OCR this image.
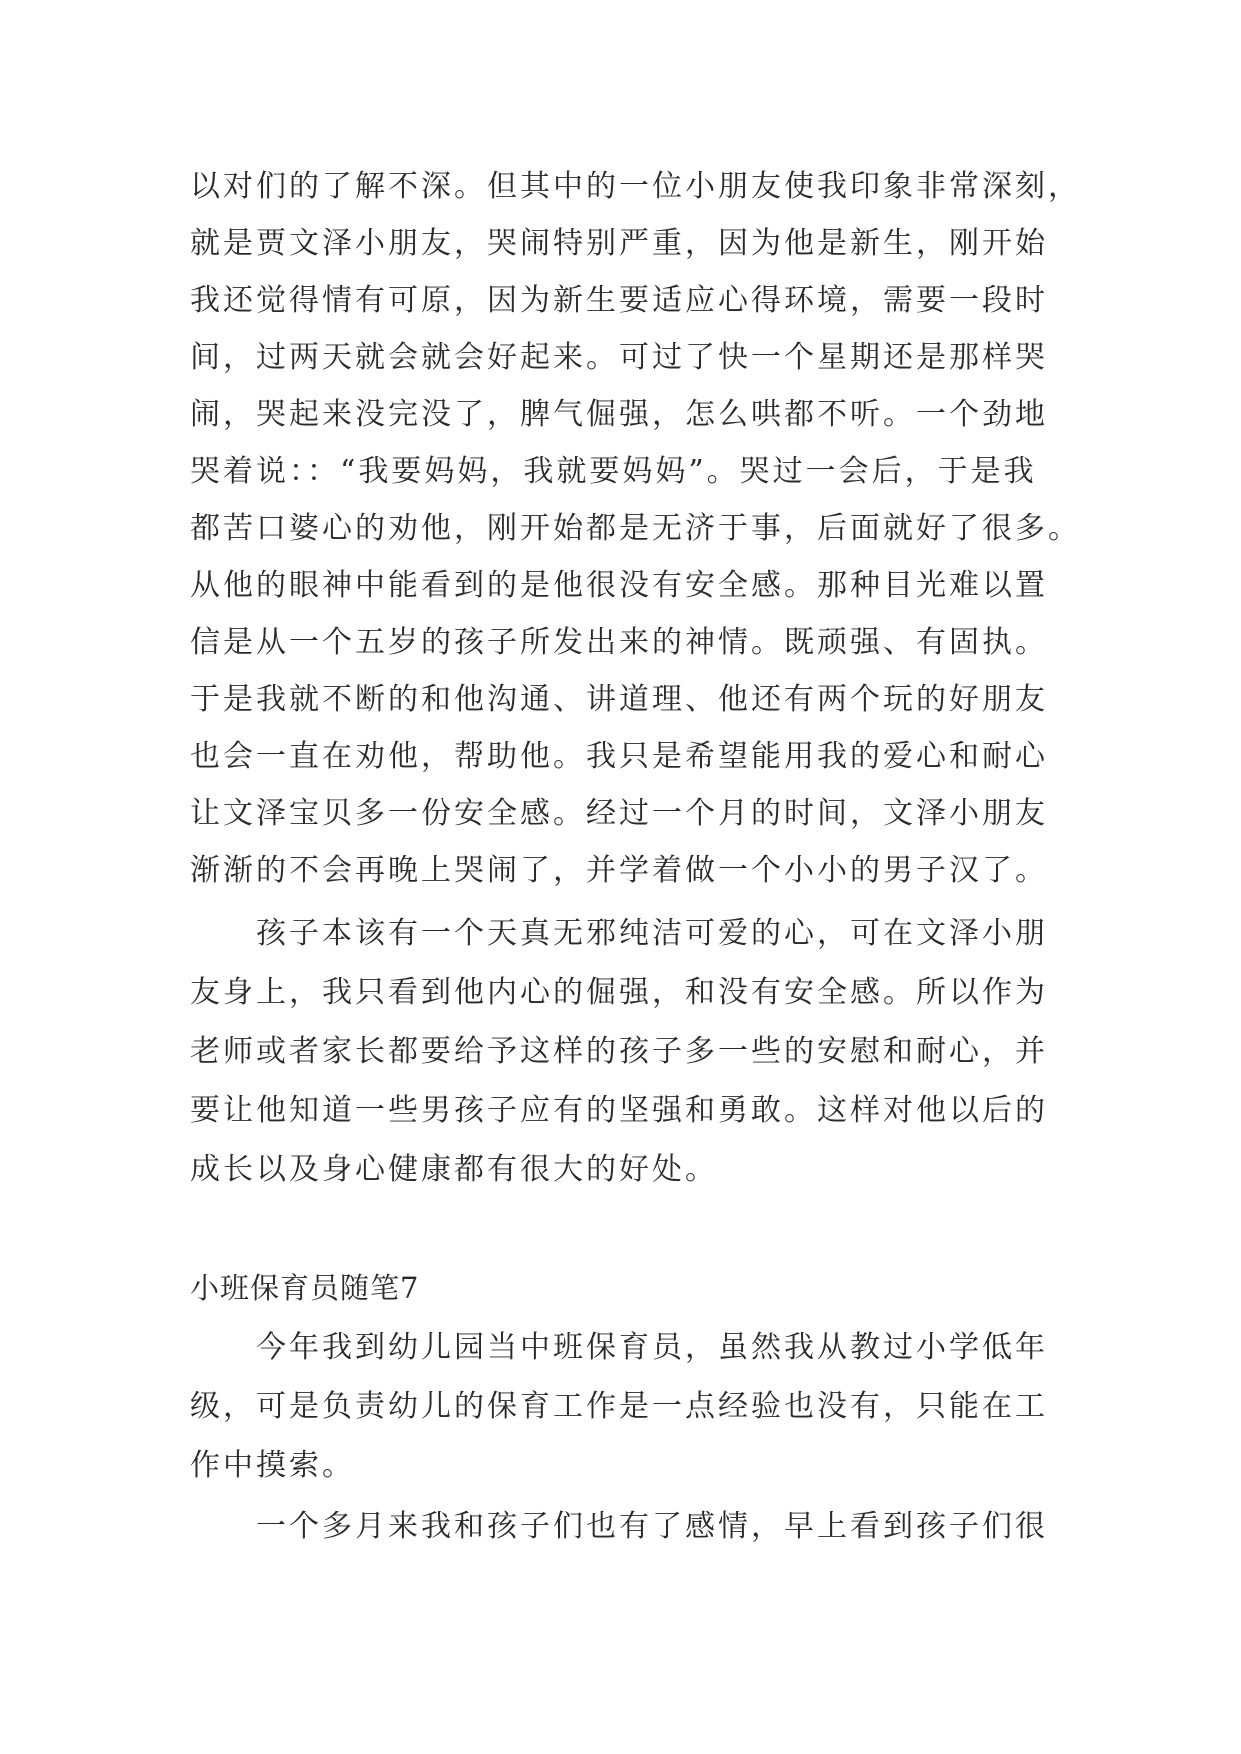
以对们的了解不深。但其中的一位小朋友使我印象非常深刻，
就是贾文泽小朋友，哭闹特别严重，因为他是新生，刚开始
我还觉得情有可原，因为新生要适应心得环境，需要一段时
间，过两天就会就会好起来。可过了快一个星期还是那样哭
闹，哭起来没完没了，脾气倔强，怎么哄都不听。一个劲地
哭着说：：“我要妈妈，我就要妈妈”。哭过一会后，于是我
都苦口婆心的劝他，刚开始都是无济于事，后面就好了很多。
从他的眼神中能看到的是他很没有安全感。那种目光难以置
信是从一个五岁的孩子所发出来的神情。既顽强、有固执。
于是我就不断的和他沟通、讲道理、他还有两个玩的好朋友
也会一直在劝他，帮助他。我只是希望能用我的爱心和耐心
让文泽宝贝多一份安全感。经过一个月的时间，文泽小朋友
渐渐的不会再晚上哭闹了，并学着做一个小小的男子汉了。
孩子本该有一个天真无邪纯洁可爱的心，可在文泽小朋
友身上，我只看到他内心的倔强，和没有安全感。所以作为
老师或者家长都要给予这样的孩子多一些的安慰和耐心，并
要让他知道一些男孩子应有的坚强和勇敢。这样对他以后的
成长以及身心健康都有很大的好处。
小班保育员随笔7
今年我到幼儿园当中班保育员，虽然我从教过小学低年
级，可是负责幼儿的保育工作是一点经验也没有，只能在工
作中摸索。
一个多月来我和孩子们也有了感情，早上看到孩子们很
